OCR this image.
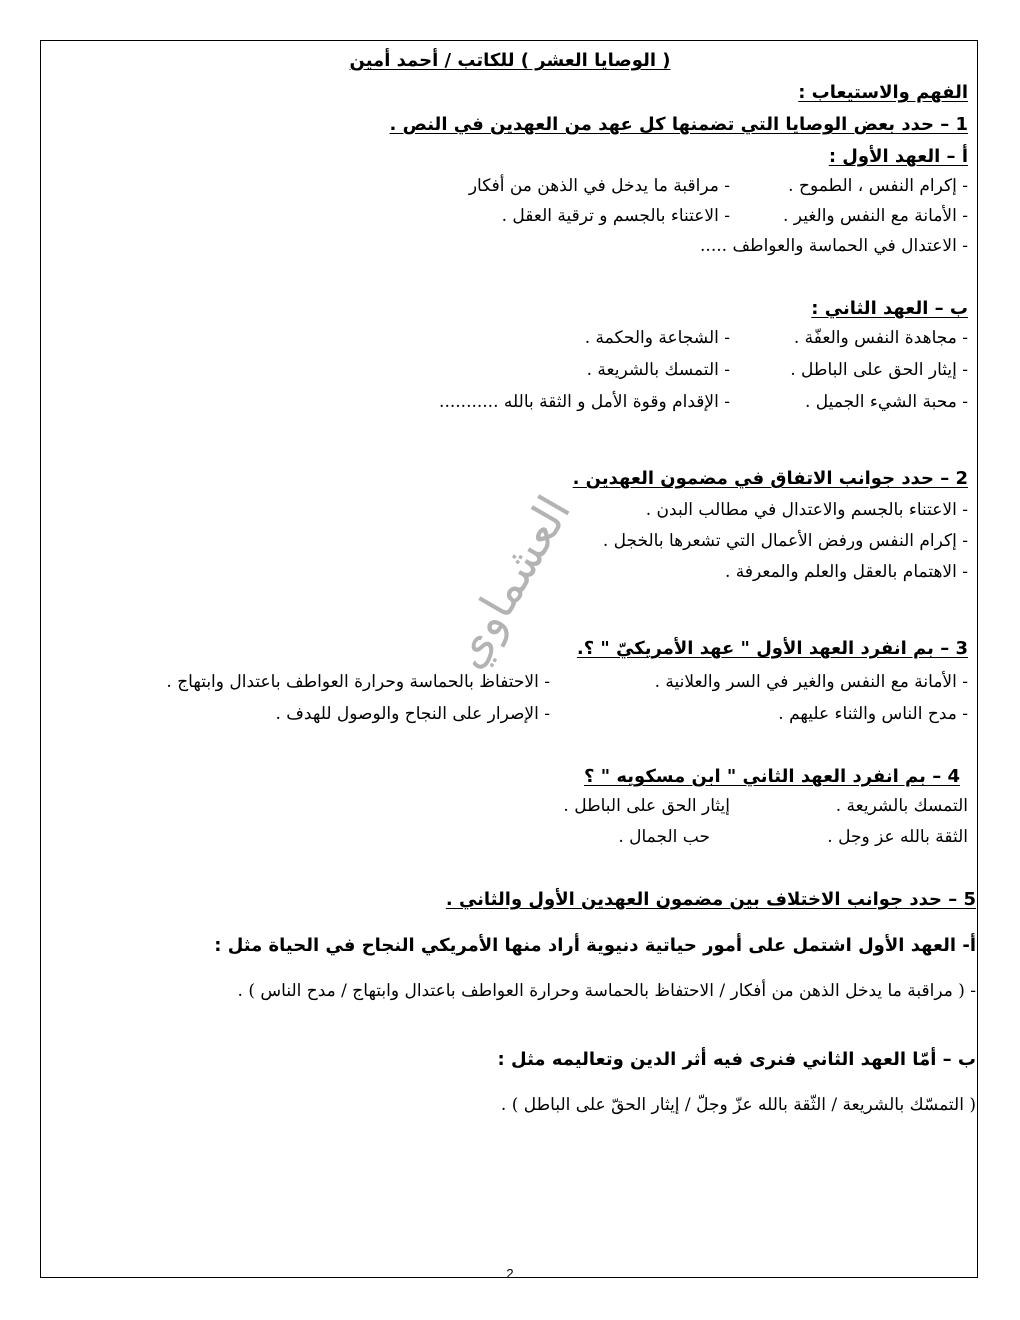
( الوصايا العشر ) للكاتب / أحمد أمين
الفهم والاستيعاب :
1 – حدد بعض الوصايا التي تضمنها كل عهد من العهدين في النص .
أ – العهد الأول :
- إكرام النفس ، الطموح .
- مراقبة ما يدخل في الذهن من أفكار
- الأمانة مع النفس والغير .
- الاعتناء بالجسم و ترقية العقل .
- الاعتدال في الحماسة والعواطف .....
ب – العهد الثاني :
- مجاهدة النفس والعفّة .
- الشجاعة والحكمة .
- إيثار الحق على الباطل .
- التمسك بالشريعة .
- محبة الشيء الجميل .
- الإقدام وقوة الأمل و الثقة بالله ...........
2 – حدد جوانب الاتفاق في مضمون العهدين .
- الاعتناء بالجسم والاعتدال في مطالب البدن .
- إكرام النفس ورفض الأعمال التي تشعرها بالخجل .
- الاهتمام بالعقل والعلم والمعرفة .
3 – بم انفرد العهد الأول " عهد الأمريكيّ " ؟.
- الأمانة مع النفس والغير في السر والعلانية .
- الاحتفاظ بالحماسة وحرارة العواطف باعتدال وابتهاج .
- مدح الناس والثناء عليهم .
- الإصرار على النجاح والوصول للهدف .
4 – بم انفرد العهد الثاني " ابن مسكويه " ؟
التمسك بالشريعة .
إيثار الحق على الباطل .
الثقة بالله عز وجل .
حب الجمال .
5 – حدد جوانب الاختلاف بين مضمون العهدين الأول والثاني .
أ- العهد الأول اشتمل على أمور حياتية دنيوية أراد منها الأمريكي النجاح في الحياة مثل :
- ( مراقبة ما يدخل الذهن من أفكار / الاحتفاظ بالحماسة وحرارة العواطف باعتدال وابتهاج / مدح الناس ) .
ب – أمّا العهد الثاني فنرى فيه أثر الدين وتعاليمه مثل :
( التمسّك بالشريعة / الثّقة بالله عزّ وجلّ / إيثار الحقّ على الباطل ) .
العشماوي
2
